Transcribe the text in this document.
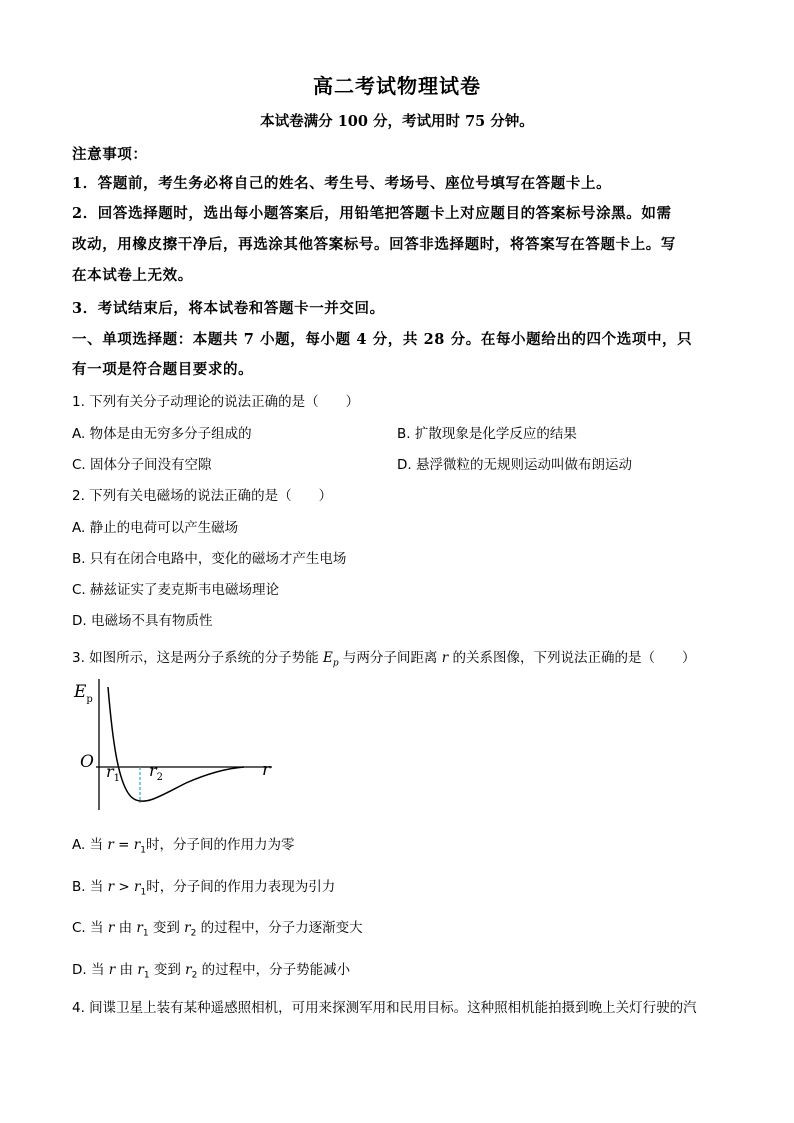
高二考试物理试卷
本试卷满分 100 分，考试用时 75 分钟。
注意事项：
1．答题前，考生务必将自己的姓名、考生号、考场号、座位号填写在答题卡上。
2．回答选择题时，选出每小题答案后，用铅笔把答题卡上对应题目的答案标号涂黑。如需
改动，用橡皮擦干净后，再选涂其他答案标号。回答非选择题时，将答案写在答题卡上。写
在本试卷上无效。
3．考试结束后，将本试卷和答题卡一并交回。
一、单项选择题：本题共 7 小题，每小题 4 分，共 28 分。在每小题给出的四个选项中，只
有一项是符合题目要求的。
1. 下列有关分子动理论的说法正确的是（　　）
A. 物体是由无穷多分子组成的	B. 扩散现象是化学反应的结果
C. 固体分子间没有空隙	D. 悬浮微粒的无规则运动叫做布朗运动
2. 下列有关电磁场的说法正确的是（　　）
A. 静止的电荷可以产生磁场
B. 只有在闭合电路中，变化的磁场才产生电场
C. 赫兹证实了麦克斯韦电磁场理论
D. 电磁场不具有物质性
3. 如图所示，这是两分子系统的分子势能 $E_p$ 与两分子间距离 r 的关系图像，下列说法正确的是（　　）
$E_p$
O	r
$r_1$ $r_2$
A. 当 $r = r_1$时，分子间的作用力为零
B. 当 $r > r_1$时，分子间的作用力表现为引力
C. 当 r 由 $r_1$ 变到 $r_2$ 的过程中，分子力逐渐变大
D. 当 r 由 $r_1$ 变到 $r_2$ 的过程中，分子势能减小
4. 间谍卫星上装有某种遥感照相机，可用来探测军用和民用目标。这种照相机能拍摄到晚上关灯行驶的汽
